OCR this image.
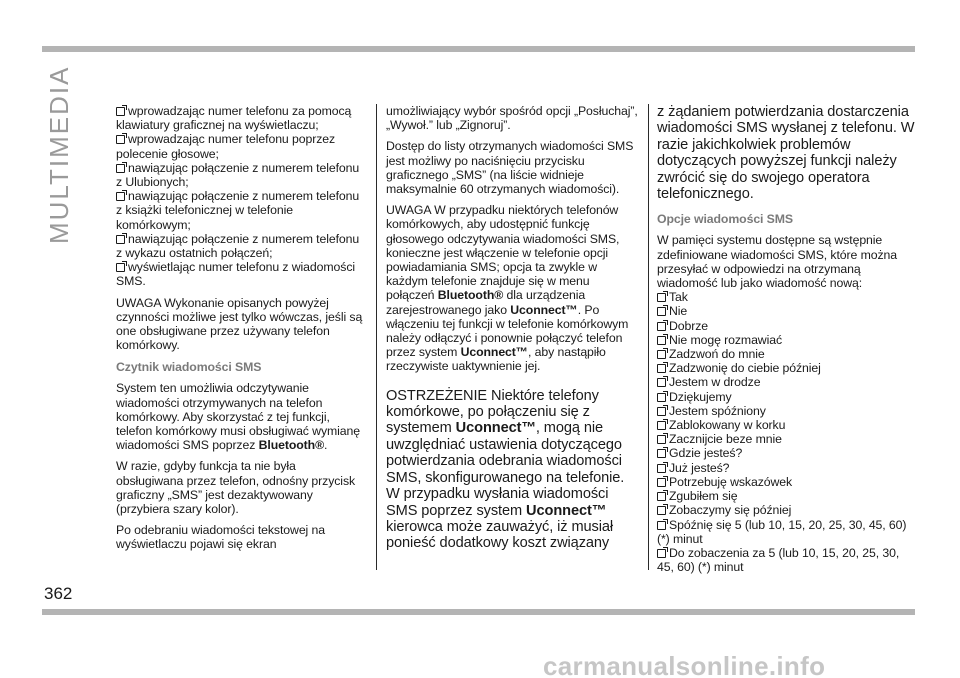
MULTIMEDIA	wprowadzając numer telefonu za pomocą klawiatury graficznej na wyświetlaczu;
wprowadzając numer telefonu poprzez polecenie głosowe;
nawiązując połączenie z numerem telefonu z Ulubionych;
nawiązując połączenie z numerem telefonu z książki telefonicznej w telefonie komórkowym;
nawiązując połączenie z numerem telefonu z wykazu ostatnich połączeń;
wyświetlając numer telefonu z wiadomości SMS.

UWAGA Wykonanie opisanych powyżej czynności możliwe jest tylko wówczas, jeśli są one obsługiwane przez używany telefon komórkowy.

Czytnik wiadomości SMS

System ten umożliwia odczytywanie wiadomości otrzymywanych na telefon komórkowy. Aby skorzystać z tej funkcji, telefon komórkowy musi obsługiwać wymianę wiadomości SMS poprzez Bluetooth®.

W razie, gdyby funkcja ta nie była obsługiwana przez telefon, odnośny przycisk graficzny „SMS” jest dezaktywowany (przybiera szary kolor).

Po odebraniu wiadomości tekstowej na wyświetlaczu pojawi się ekran

umożliwiający wybór spośród opcji „Posłuchaj”, „Wywoł.” lub „Zignoruj”.

Dostęp do listy otrzymanych wiadomości SMS jest możliwy po naciśnięciu przycisku graficznego „SMS” (na liście widnieje maksymalnie 60 otrzymanych wiadomości).

UWAGA W przypadku niektórych telefonów komórkowych, aby udostępnić funkcję głosowego odczytywania wiadomości SMS, konieczne jest włączenie w telefonie opcji powiadamiania SMS; opcja ta zwykle w każdym telefonie znajduje się w menu połączeń Bluetooth® dla urządzenia zarejestrowanego jako Uconnect™. Po włączeniu tej funkcji w telefonie komórkowym należy odłączyć i ponownie połączyć telefon przez system Uconnect™, aby nastąpiło rzeczywiste uaktywnienie jej.

OSTRZEŻENIE Niektóre telefony komórkowe, po połączeniu się z systemem Uconnect™, mogą nie uwzględniać ustawienia dotyczącego potwierdzania odebrania wiadomości SMS, skonfigurowanego na telefonie. W przypadku wysłania wiadomości SMS poprzez system Uconnect™ kierowca może zauważyć, iż musiał ponieść dodatkowy koszt związany

z żądaniem potwierdzania dostarczenia wiadomości SMS wysłanej z telefonu. W razie jakichkolwiek problemów dotyczących powyższej funkcji należy zwrócić się do swojego operatora telefonicznego.

Opcje wiadomości SMS

W pamięci systemu dostępne są wstępnie zdefiniowane wiadomości SMS, które można przesyłać w odpowiedzi na otrzymaną wiadomość lub jako wiadomość nową:

Tak
Nie
Dobrze
Nie mogę rozmawiać
Zadzwoń do mnie
Zadzwonię do ciebie później
Jestem w drodze
Dziękujemy
Jestem spóźniony
Zablokowany w korku
Zacznijcie beze mnie
Gdzie jesteś?
Już jesteś?
Potrzebuję wskazówek
Zgubiłem się
Zobaczymy się później
Spóźnię się 5 (lub 10, 15, 20, 25, 30, 45, 60) (*) minut
Do zobaczenia za 5 (lub 10, 15, 20, 25, 30, 45, 60) (*) minut
362
carmanualsonline.info
